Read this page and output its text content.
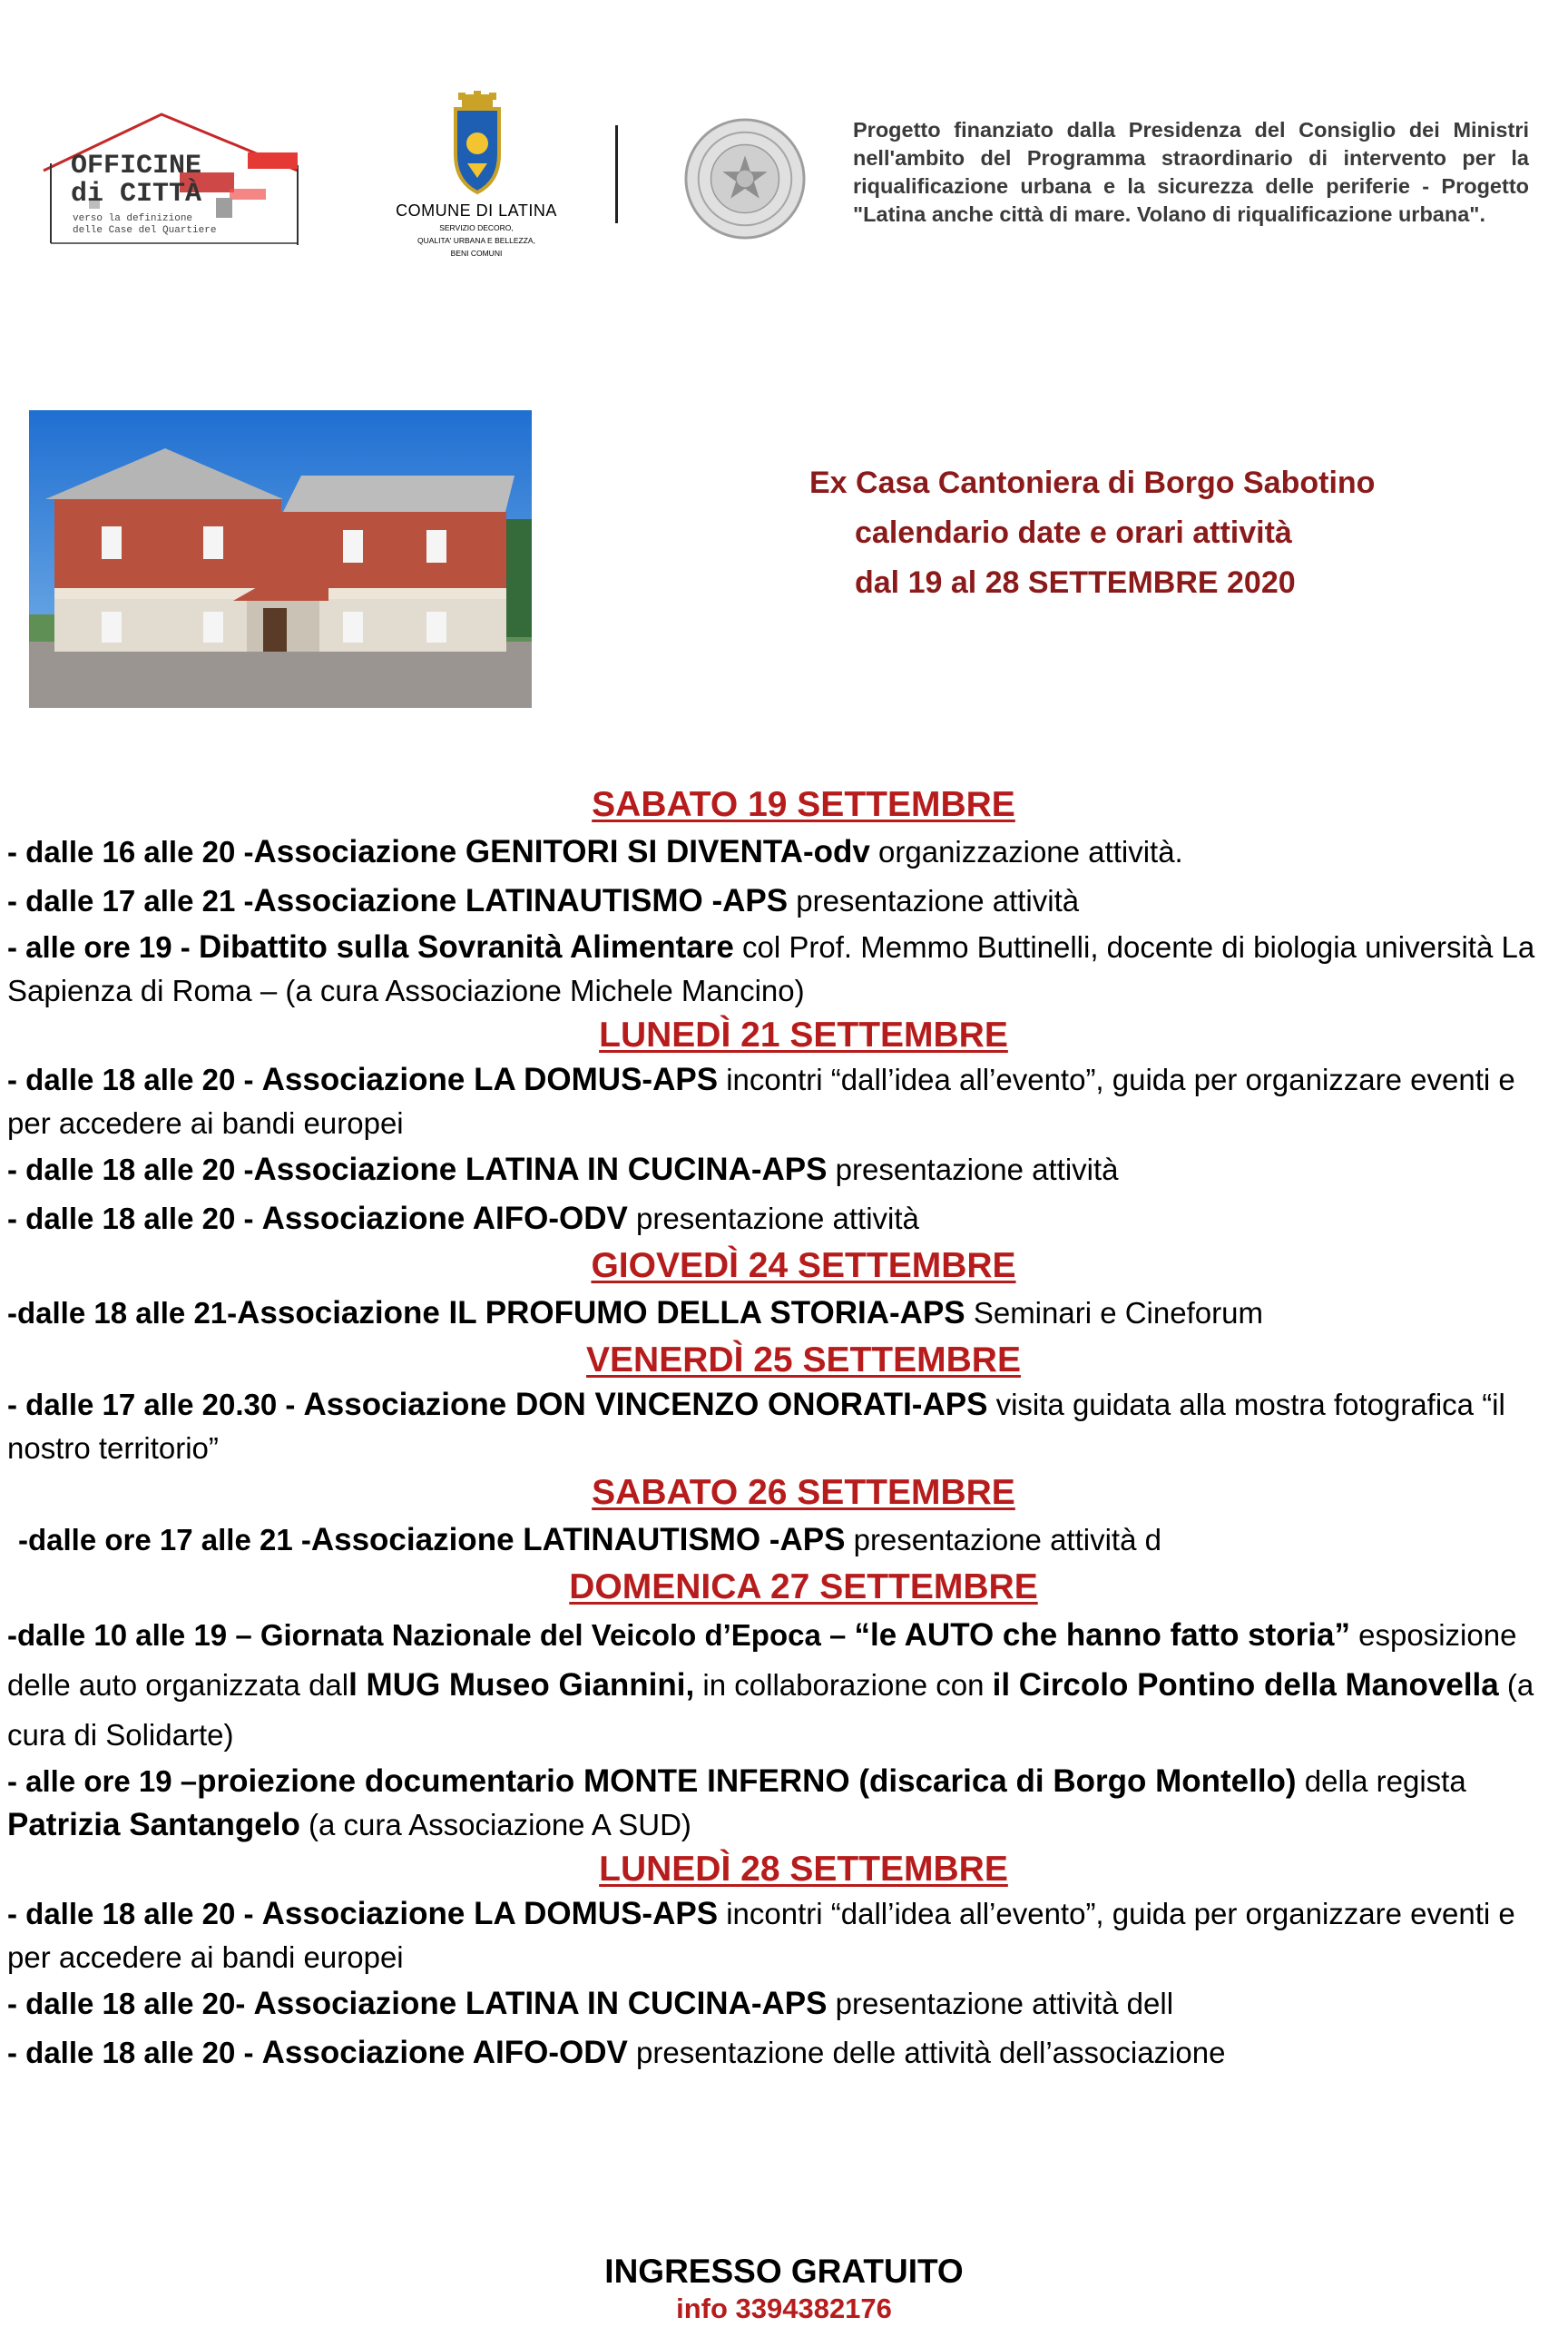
OFFICINE
di CITTÀ
verso la definizione
delle Case del Quartiere
COMUNE DI LATINA
SERVIZIO DECORO,
QUALITA' URBANA E BELLEZZA,
BENI COMUNI
Progetto finanziato dalla Presidenza del Consiglio dei Ministri nell'ambito del Programma straordinario di intervento per la riqualificazione urbana e la sicurezza delle periferie - Progetto "Latina anche città di mare. Volano di riqualificazione urbana".
Ex Casa Cantoniera di Borgo Sabotino
calendario date e orari attività
dal 19 al 28 SETTEMBRE 2020
SABATO 19 SETTEMBRE
- dalle 16 alle 20 -Associazione GENITORI SI DIVENTA-odv organizzazione attività.
- dalle 17 alle 21 -Associazione LATINAUTISMO -APS presentazione attività
- alle ore 19 - Dibattito sulla Sovranità Alimentare col Prof. Memmo Buttinelli, docente di biologia università La Sapienza di Roma – (a cura Associazione Michele Mancino)
LUNEDÌ 21 SETTEMBRE
- dalle 18 alle 20 - Associazione LA DOMUS-APS incontri “dall’idea all’evento”, guida per organizzare eventi e per accedere ai bandi europei
- dalle 18 alle 20 -Associazione LATINA IN CUCINA-APS presentazione attività
- dalle 18 alle 20 - Associazione AIFO-ODV presentazione attività
GIOVEDÌ 24 SETTEMBRE
-dalle 18 alle 21-Associazione IL PROFUMO DELLA STORIA-APS Seminari e Cineforum
VENERDÌ 25 SETTEMBRE
- dalle 17 alle 20.30 - Associazione DON VINCENZO ONORATI-APS visita guidata alla mostra fotografica “il nostro territorio”
SABATO 26 SETTEMBRE
-dalle ore 17 alle 21 -Associazione LATINAUTISMO -APS presentazione attività d
DOMENICA 27 SETTEMBRE
-dalle 10 alle 19 – Giornata Nazionale del Veicolo d’Epoca – “le AUTO che hanno fatto storia” esposizione delle auto organizzata dall MUG Museo Giannini, in collaborazione con il Circolo Pontino della Manovella (a cura di Solidarte)
- alle ore 19 –proiezione documentario MONTE INFERNO (discarica di Borgo Montello) della regista Patrizia Santangelo (a cura Associazione A SUD)
LUNEDÌ 28 SETTEMBRE
- dalle 18 alle 20 - Associazione LA DOMUS-APS incontri “dall’idea all’evento”, guida per organizzare eventi e per accedere ai bandi europei
- dalle 18 alle 20- Associazione LATINA IN CUCINA-APS presentazione attività dell
- dalle 18 alle 20 - Associazione AIFO-ODV presentazione delle attività dell’associazione
INGRESSO GRATUITO
info 3394382176
